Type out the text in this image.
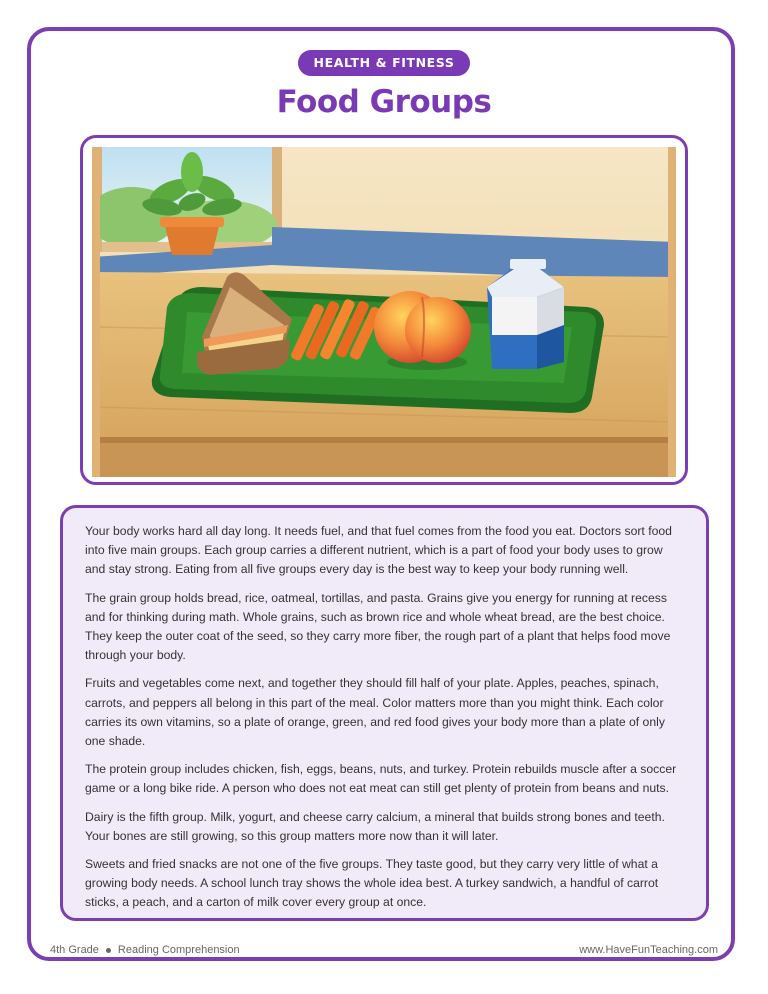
HEALTH & FITNESS
Food Groups

Your body works hard all day long. It needs fuel, and that fuel comes from the food you eat. Doctors sort food into five main groups. Each group carries a different nutrient, which is a part of food your body uses to grow and stay strong. Eating from all five groups every day is the best way to keep your body running well.

The grain group holds bread, rice, oatmeal, tortillas, and pasta. Grains give you energy for running at recess and for thinking during math. Whole grains, such as brown rice and whole wheat bread, are the best choice. They keep the outer coat of the seed, so they carry more fiber, the rough part of a plant that helps food move through your body.

Fruits and vegetables come next, and together they should fill half of your plate. Apples, peaches, spinach, carrots, and peppers all belong in this part of the meal. Color matters more than you might think. Each color carries its own vitamins, so a plate of orange, green, and red food gives your body more than a plate of only one shade.

The protein group includes chicken, fish, eggs, beans, nuts, and turkey. Protein rebuilds muscle after a soccer game or a long bike ride. A person who does not eat meat can still get plenty of protein from beans and nuts.

Dairy is the fifth group. Milk, yogurt, and cheese carry calcium, a mineral that builds strong bones and teeth. Your bones are still growing, so this group matters more now than it will later.

Sweets and fried snacks are not one of the five groups. They taste good, but they carry very little of what a growing body needs. A school lunch tray shows the whole idea best. A turkey sandwich, a handful of carrot sticks, a peach, and a carton of milk cover every group at once.

4th Grade Reading Comprehension	www.HaveFunTeaching.com
